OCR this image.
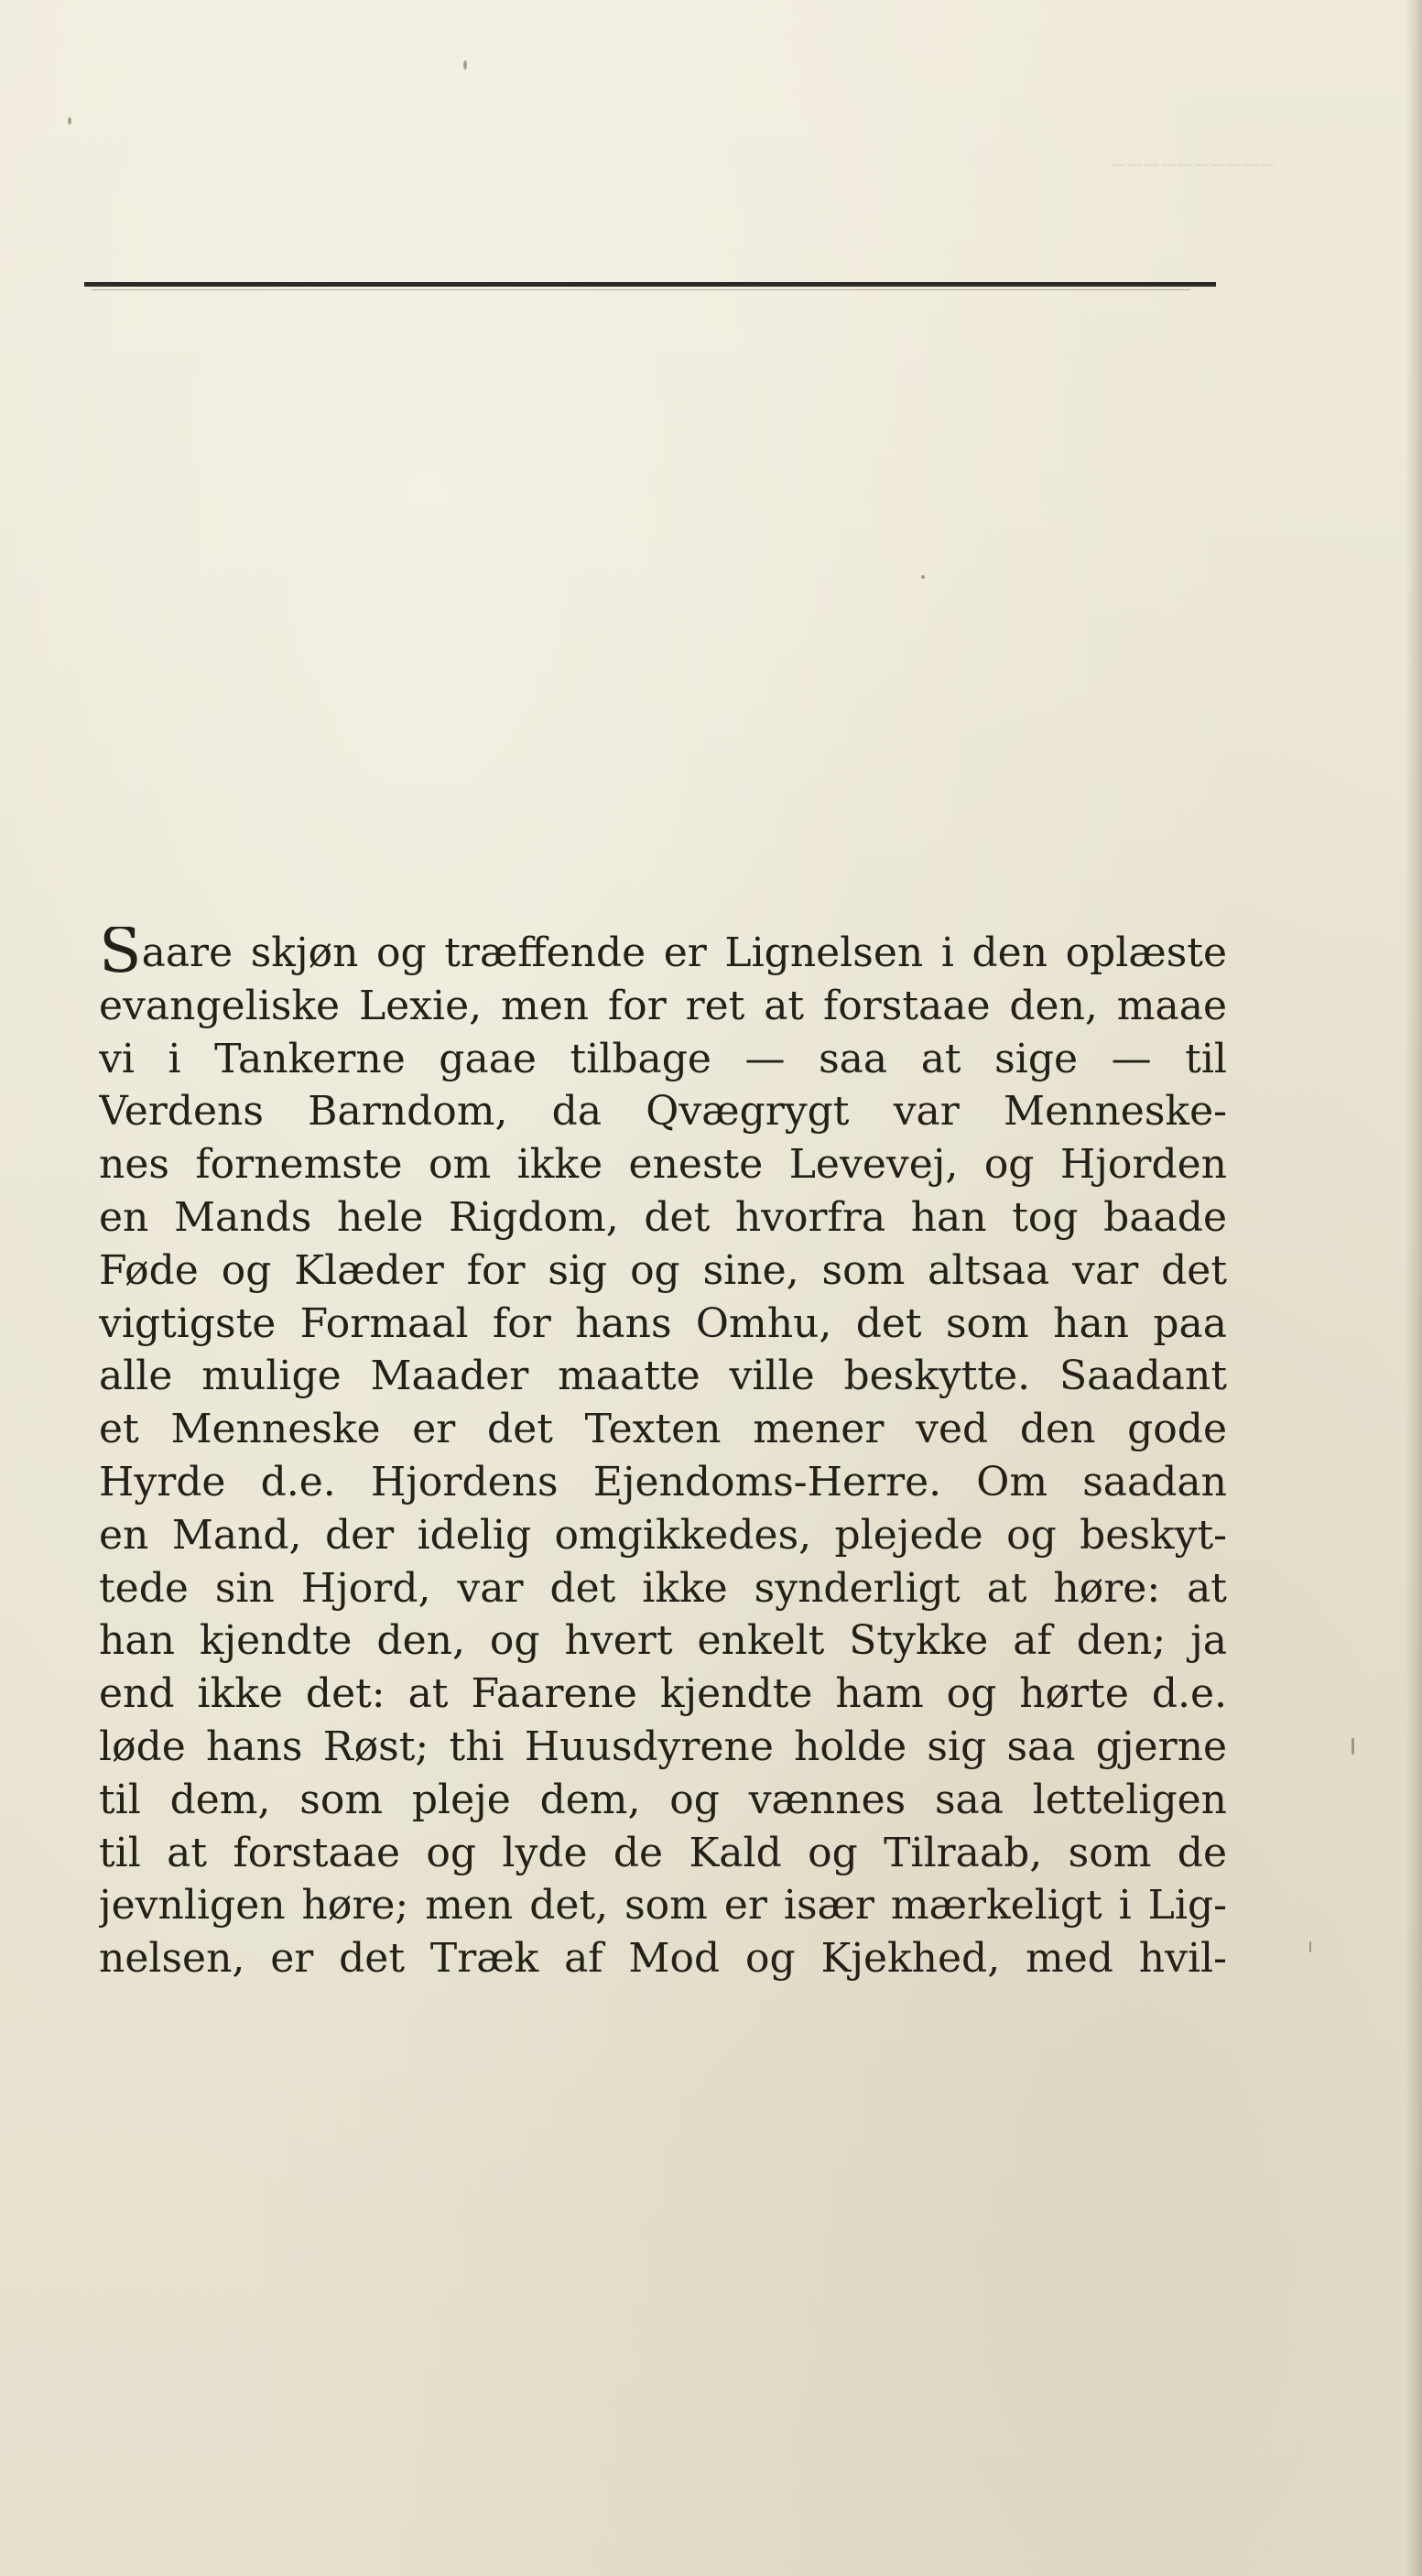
––––––––––
Saare skjøn og træffende er Lignelsen i den oplæste
evangeliske Lexie, men for ret at forstaae den, maae
vi i Tankerne gaae tilbage — saa at sige — til
Verdens Barndom, da Qvægrygt var Menneske-
nes fornemste om ikke eneste Levevej, og Hjorden
en Mands hele Rigdom, det hvorfra han tog baade
Føde og Klæder for sig og sine, som altsaa var det
vigtigste Formaal for hans Omhu, det som han paa
alle mulige Maader maatte ville beskytte. Saadant
et Menneske er det Texten mener ved den gode
Hyrde d.e. Hjordens Ejendoms-Herre. Om saadan
en Mand, der idelig omgikkedes, plejede og beskyt-
tede sin Hjord, var det ikke synderligt at høre: at
han kjendte den, og hvert enkelt Stykke af den; ja
end ikke det: at Faarene kjendte ham og hørte d.e.
løde hans Røst; thi Huusdyrene holde sig saa gjerne
til dem, som pleje dem, og vænnes saa letteligen
til at forstaae og lyde de Kald og Tilraab, som de
jevnligen høre; men det, som er især mærkeligt i Lig-
nelsen, er det Træk af Mod og Kjekhed, med hvil-
